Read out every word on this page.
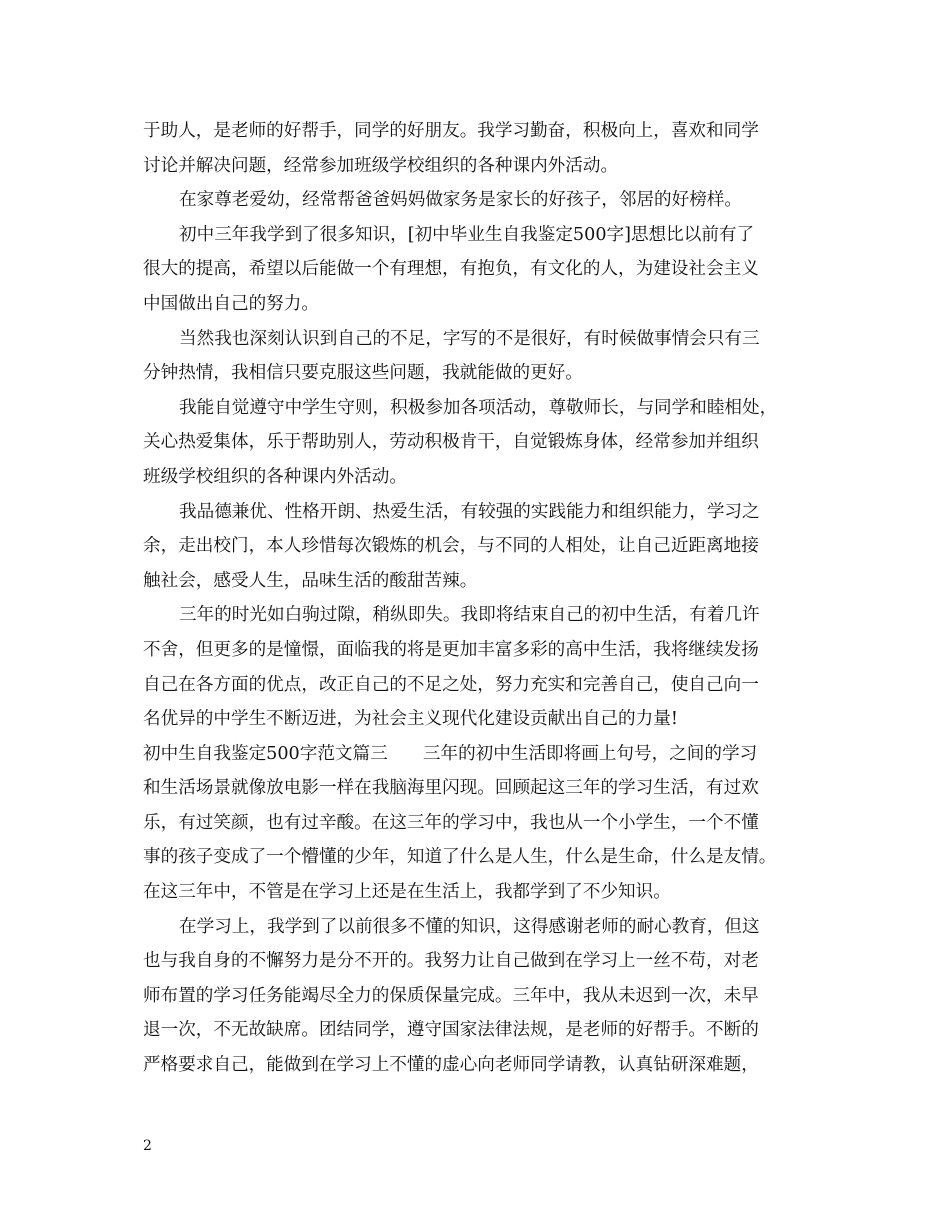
于助人，是老师的好帮手，同学的好朋友。我学习勤奋，积极向上，喜欢和同学
讨论并解决问题，经常参加班级学校组织的各种课内外活动。
在家尊老爱幼，经常帮爸爸妈妈做家务是家长的好孩子，邻居的好榜样。
初中三年我学到了很多知识，[初中毕业生自我鉴定500字]思想比以前有了
很大的提高，希望以后能做一个有理想，有抱负，有文化的人，为建设社会主义
中国做出自己的努力。
当然我也深刻认识到自己的不足，字写的不是很好，有时候做事情会只有三
分钟热情，我相信只要克服这些问题，我就能做的更好。
我能自觉遵守中学生守则，积极参加各项活动，尊敬师长，与同学和睦相处，
关心热爱集体，乐于帮助别人，劳动积极肯干，自觉锻炼身体，经常参加并组织
班级学校组织的各种课内外活动。
我品德兼优、性格开朗、热爱生活，有较强的实践能力和组织能力，学习之
余，走出校门，本人珍惜每次锻炼的机会，与不同的人相处，让自己近距离地接
触社会，感受人生，品味生活的酸甜苦辣。
三年的时光如白驹过隙，稍纵即失。我即将结束自己的初中生活，有着几许
不舍，但更多的是憧憬，面临我的将是更加丰富多彩的高中生活，我将继续发扬
自己在各方面的优点，改正自己的不足之处，努力充实和完善自己，使自己向一
名优异的中学生不断迈进，为社会主义现代化建设贡献出自己的力量!
初中生自我鉴定500字范文篇三　　三年的初中生活即将画上句号，之间的学习
和生活场景就像放电影一样在我脑海里闪现。回顾起这三年的学习生活，有过欢
乐，有过笑颜，也有过辛酸。在这三年的学习中，我也从一个小学生，一个不懂
事的孩子变成了一个懵懂的少年，知道了什么是人生，什么是生命，什么是友情。
在这三年中，不管是在学习上还是在生活上，我都学到了不少知识。
在学习上，我学到了以前很多不懂的知识，这得感谢老师的耐心教育，但这
也与我自身的不懈努力是分不开的。我努力让自己做到在学习上一丝不苟，对老
师布置的学习任务能竭尽全力的保质保量完成。三年中，我从未迟到一次，未早
退一次，不无故缺席。团结同学，遵守国家法律法规，是老师的好帮手。不断的
严格要求自己，能做到在学习上不懂的虚心向老师同学请教，认真钻研深难题，
2
